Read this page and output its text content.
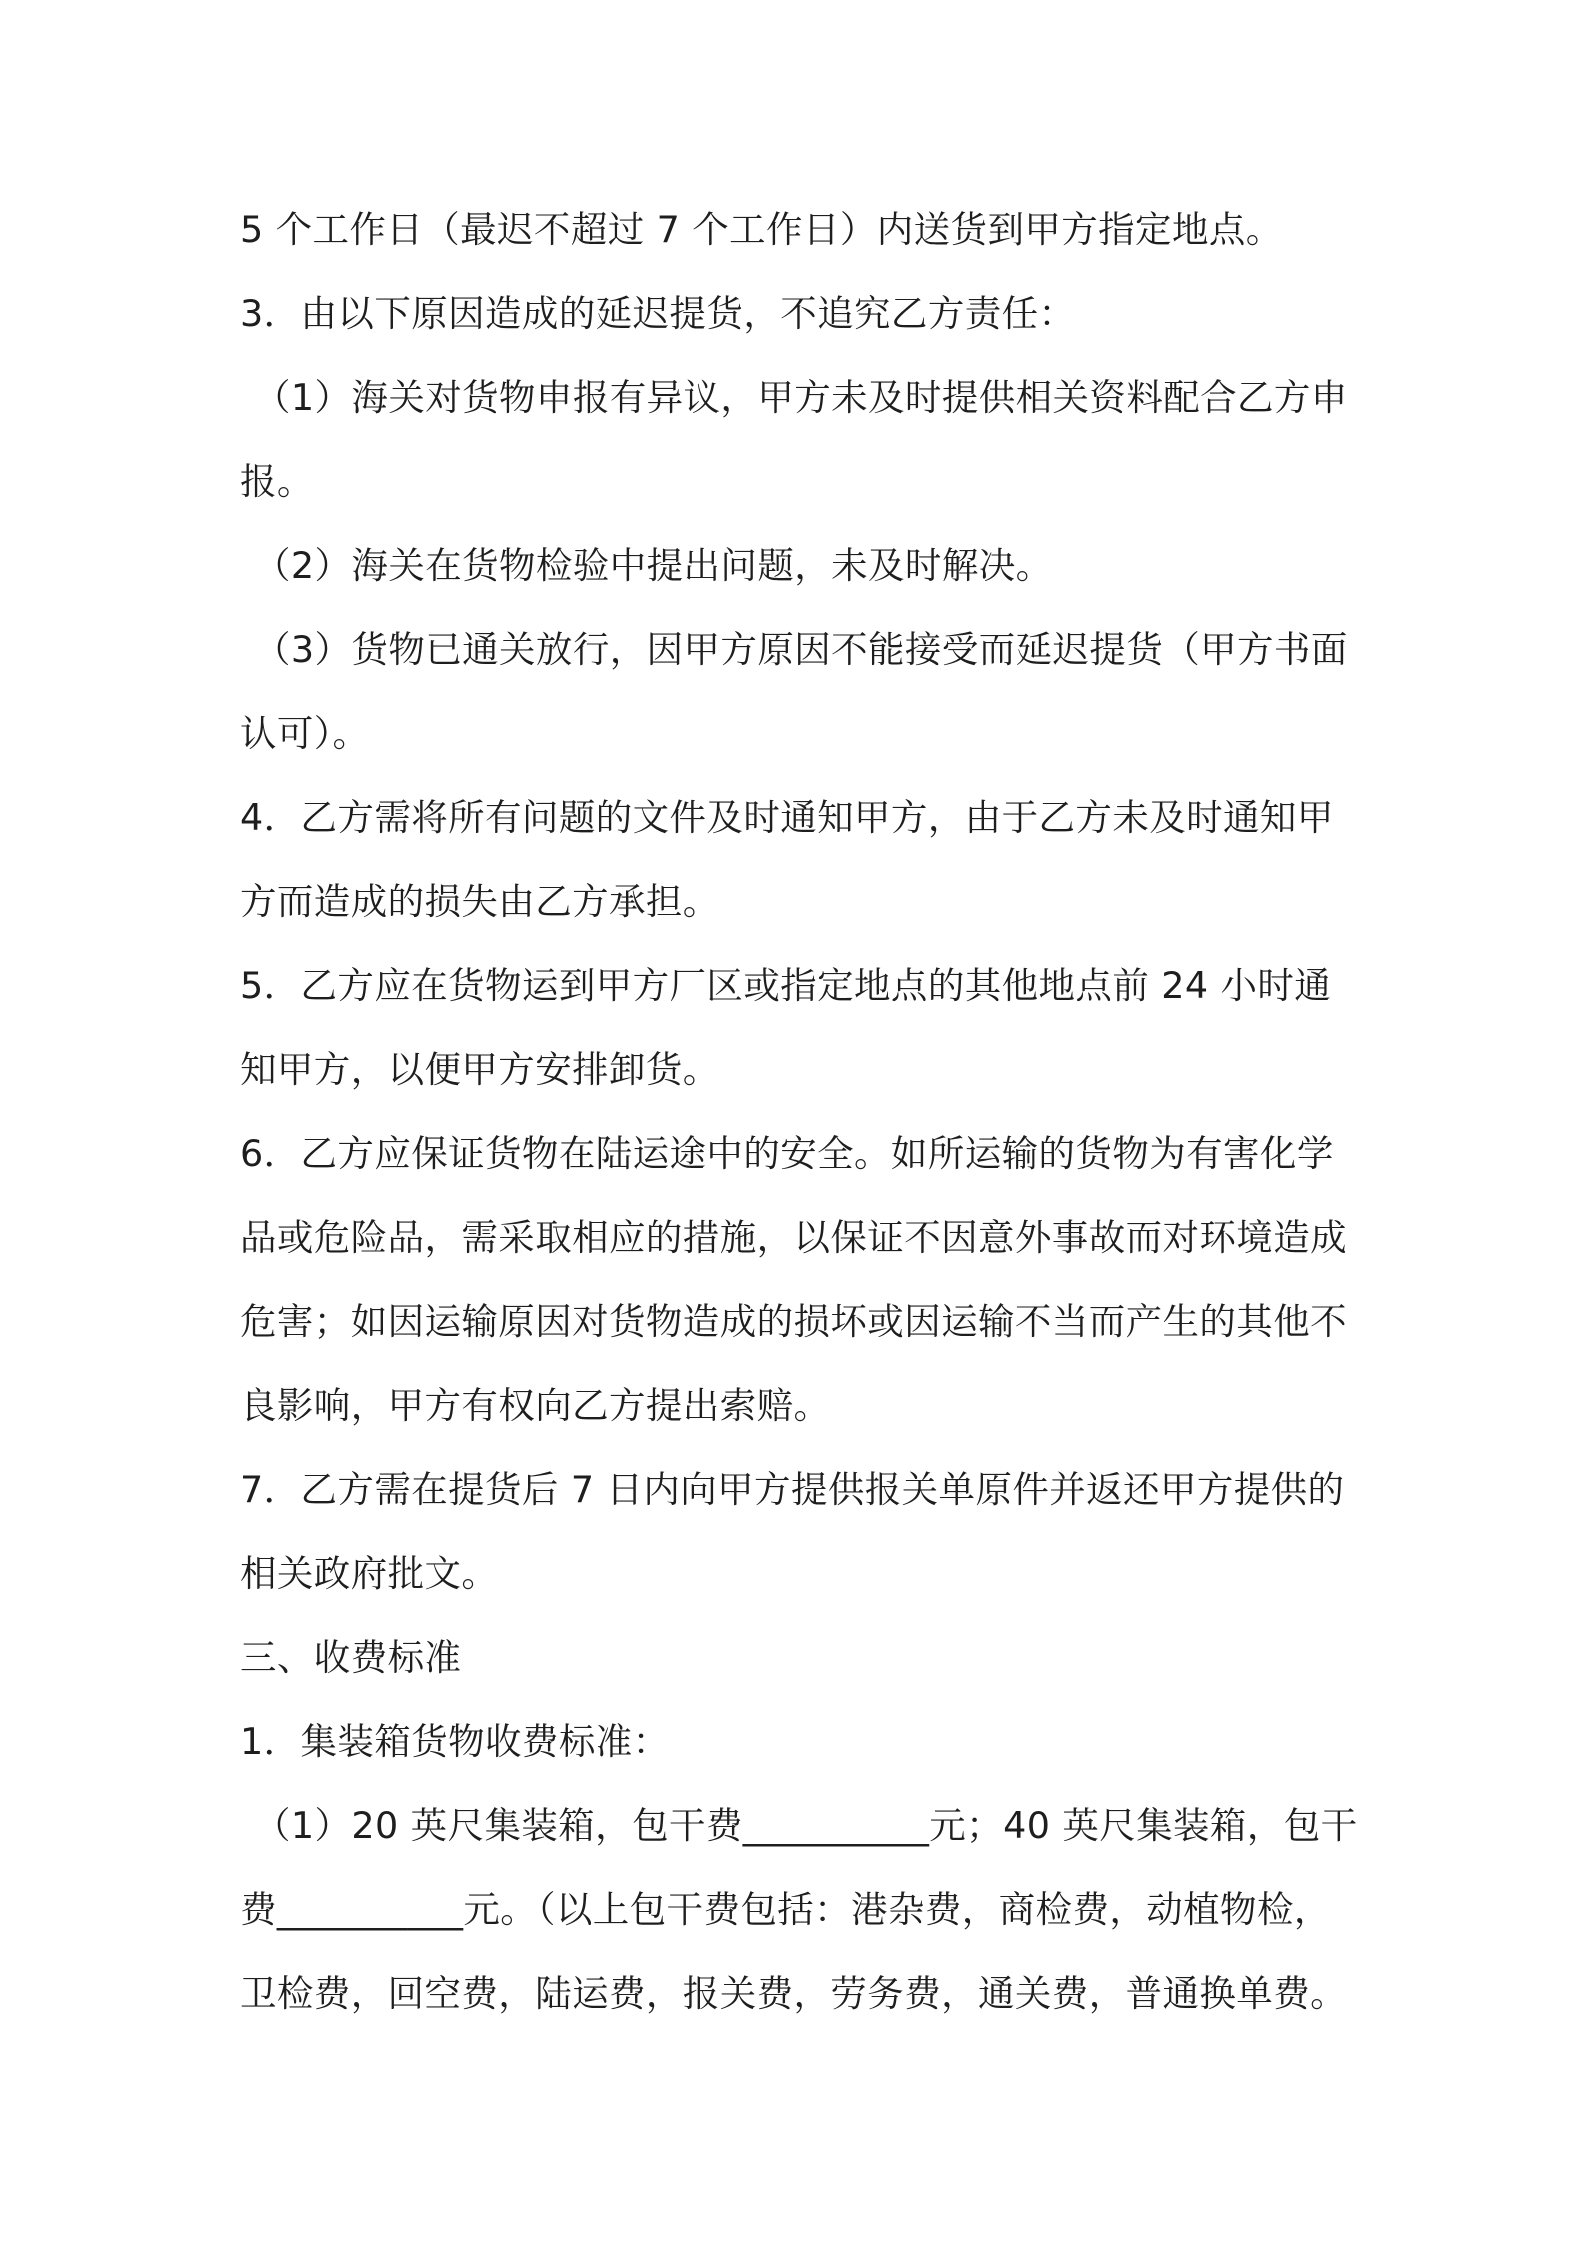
5 个工作日（最迟不超过 7 个工作日）内送货到甲方指定地点。
3．由以下原因造成的延迟提货，不追究乙方责任：
（1）海关对货物申报有异议，甲方未及时提供相关资料配合乙方申
报。
（2）海关在货物检验中提出问题，未及时解决。
（3）货物已通关放行，因甲方原因不能接受而延迟提货（甲方书面
认可）。
4．乙方需将所有问题的文件及时通知甲方，由于乙方未及时通知甲
方而造成的损失由乙方承担。
5．乙方应在货物运到甲方厂区或指定地点的其他地点前 24 小时通
知甲方，以便甲方安排卸货。
6．乙方应保证货物在陆运途中的安全。如所运输的货物为有害化学
品或危险品，需采取相应的措施，以保证不因意外事故而对环境造成
危害；如因运输原因对货物造成的损坏或因运输不当而产生的其他不
良影响，甲方有权向乙方提出索赔。
7．乙方需在提货后 7 日内向甲方提供报关单原件并返还甲方提供的
相关政府批文。
三、收费标准
1．集装箱货物收费标准：
（1）20 英尺集装箱，包干费__________元；40 英尺集装箱，包干
费__________元。（以上包干费包括：港杂费，商检费，动植物检，
卫检费，回空费，陆运费，报关费，劳务费，通关费，普通换单费。
